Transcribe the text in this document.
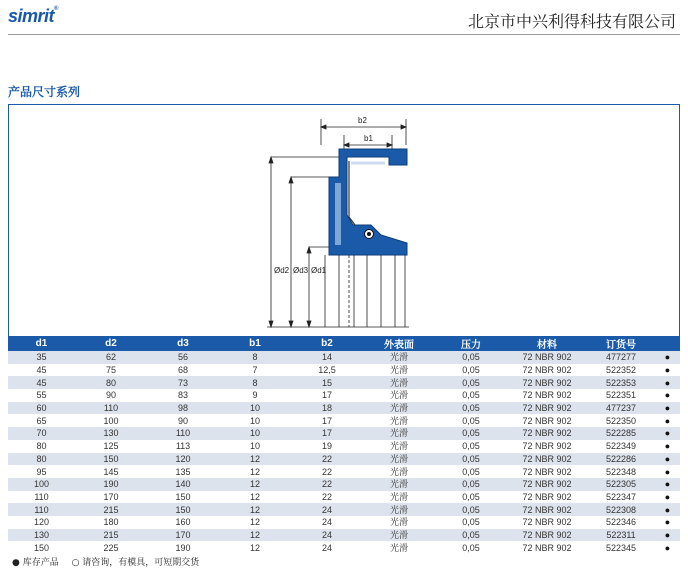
simrit®
北京市中兴利得科技有限公司
产品尺寸系列
b2
b1
Ød2 Ød3 Ød1
d1	d2	d3	b1	b2	外表面	压力	材料	订货号	
35	62	56	8	14	光滑	0,05	72 NBR 902	477277	●
45	75	68	7	12,5	光滑	0,05	72 NBR 902	522352	●
45	80	73	8	15	光滑	0,05	72 NBR 902	522353	●
55	90	83	9	17	光滑	0,05	72 NBR 902	522351	●
60	110	98	10	18	光滑	0,05	72 NBR 902	477237	●
65	100	90	10	17	光滑	0,05	72 NBR 902	522350	●
70	130	110	10	17	光滑	0,05	72 NBR 902	522285	●
80	125	113	10	19	光滑	0,05	72 NBR 902	522349	●
80	150	120	12	22	光滑	0,05	72 NBR 902	522286	●
95	145	135	12	22	光滑	0,05	72 NBR 902	522348	●
100	190	140	12	22	光滑	0,05	72 NBR 902	522305	●
110	170	150	12	22	光滑	0,05	72 NBR 902	522347	●
110	215	150	12	24	光滑	0,05	72 NBR 902	522308	●
120	180	160	12	24	光滑	0,05	72 NBR 902	522346	●
130	215	170	12	24	光滑	0,05	72 NBR 902	522311	●
150	225	190	12	24	光滑	0,05	72 NBR 902	522345	●
● 库存产品 ○ 请咨询，有模具，可短期交货
